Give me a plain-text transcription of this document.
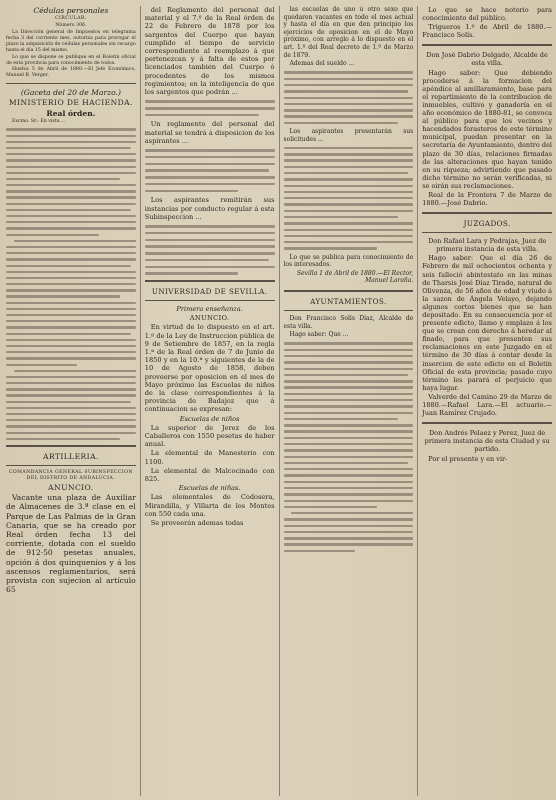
Cédulas personales

CIRCULAR.

Número 306.

La Dirección general de Impuestos en telegrama fecha 3 del corriente mes, autoriza para prorogar el plazo la adquisición de cédulas personales sin recargo hasta el día 15 del mismo.

Lo que se dispone se publique en el Boletín oficial de esta provincia para conocimiento de todos.

Huelva 5 de Abril de 1880.—El Jefe Económico, Manuel R. Verger.

(Gaceta del 20 de Marzo.)

MINISTERIO DE HACIENDA.

Real órden.

Excmo. Sr.: En vista ...

ARTILLERIA.

COMANDANCIA GENERAL SUBINSPECCION DEL DISTRITO DE ANDALUCIA.

ANUNCIO.

Vacante una plaza de Auxiliar de Almacenes de 3.ª clase en el Parque de Las Palmas de la Gran Canaria, que se ha creado por Real órden fecha 13 del corriente, dotada con el sueldo de 912·50 pesetas anuales, opción á dos quinquenios y á los ascensos reglamentarios, será provista con sujecion al artículo 65

del Reglamento del personal del material y el 7.º de la Real órden de 22 de Febrero de 1878 por los sargentos del Cuerpo que hayan cumplido el tiempo de servicio correspondiente al reemplazo á que pertenezcan y á falta de estos por licenciados también del Cuerpo ó procedentes de los mismos regimientos; en la inteligencia de que los sargentos que podrán ...

Un reglamento del personal del material se tendrá á disposicion de los aspirantes ...

Los aspirantes remitirán sus instancias por conducto regular á esta Subinspeccion ...

UNIVERSIDAD DE SEVILLA.

Primera enseñanza.

ANUNCIO.

En virtud de lo dispuesto en el art. 1.º de la Ley de Instruccion pública de 9 de Setiembre de 1857, en la regla 1.ª de la Real órden de 7 de Junio de 1850 y en la 10.ª y siguientes de la de 10 de Agosto de 1858, deben proveerse por oposicion en el mes de Mayo próximo las Escuelas de niños de la clase correspondientes á la provincia de Badajoz que á continuacion se expresan:

Escuelas de niños

La superior de Jerez de los Caballeros con 1550 pesetas de haber anual.

La elemental de Manesterio con 1100.

La elemental de Malcocinado con 825.

Escuelas de niñas.

Las elementales de Codosera, Mirandilla, y Villarta de los Montes con 550 cada una.

Se proveerán ademas todas

las escuelas de uno ú otro sexo que quedaren vacantes en todo el mes actual y hasta el día en que den principio los ejercicios de oposicion en el de Mayo próximo, con arreglo á lo dispuesto en el art. 1.º del Real decreto de 1.º de Marzo de 1879.

Ademas del sueldo ...

Los aspirantes presentarán sus solicitudes ...

Lo que se publica para conocimiento de los interesados.

Sevilla 1 de Abril de 1880.—El Rector, Manuel Laraña.

AYUNTAMIENTOS.

Don Francisco Solís Díaz, Alcalde de esta villa.

Hago saber: Que ...

Lo que se hace notorio para conocimiento del público.

Trigueros 1.º de Abril de 1880.— Francisco Solís.

Don José Dabrio Delgado, Alcalde de esta villa.

Hago saber: Que debiendo procederse á la formacion del apéndice al amillaramiento, base para el repartimiento de la contribucion de inmuebles, cultivo y ganadería en el año económico de 1880-81, se convoca al público para que los vecinos y hacendados forasteros de este término municipal, puedan presentar en la secretaría de Ayuntamiento, dentro del plazo de 30 días, relaciones firmadas de las alteraciones que hayan tenido en su riqueza; advirtiendo que pasado dicho término no serán verificadas, ni se oirán sus reclamaciones.

Real de la Frontera 7 de Marzo de 1880.—José Dabrio.

JUZGADOS.

Don Rafael Lara y Pedrajas, Juez de primera instancia de esta villa.

Hago saber: Que el día 26 de Febrero de mil ochocientos ochenta y seis falleció abintestato en las minas de Tharsis José Díaz Tirado, natural de Olivenza, de 56 años de edad y viudo á la sazon de Ángela Velayo, dejando algunos cortos bienes que se han depositado. En su consecuencia por el presente edicto, llamo y emplazo á los que se crean con derecho á heredar al finado, para que presenten sus reclamaciones en este Juzgado en el término de 30 días á contar desde la insercion de este edicto en el Boletin Oficial de esta provincia; pasado cuyo término les parará el perjuicio que haya lugar.

Valverde del Camino 29 de Marzo de 1880.—Rafael Lara.—El actuario.—Juan Ramírez Crujado.

Don Andrés Pelaez y Perez, Juez de primera instancia de esta Ciudad y su partido.

Por el presente y en vir-
